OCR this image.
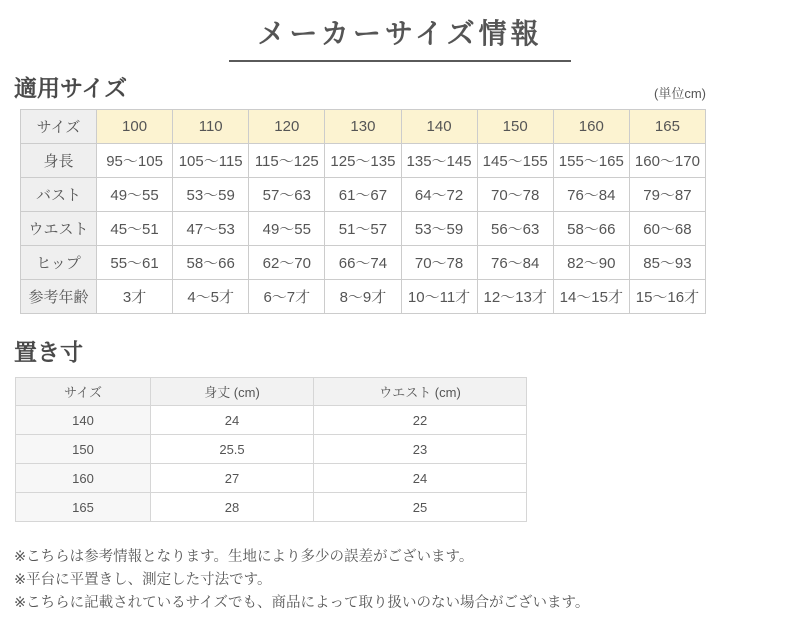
メーカーサイズ情報
適用サイズ	(単位cm)
サイズ	100	110	120	130	140	150	160	165
身長	95～105	105～115	115～125	125～135	135～145	145～155	155～165	160～170
バスト	49～55	53～59	57～63	61～67	64～72	70～78	76～84	79～87
ウエスト	45～51	47～53	49～55	51～57	53～59	56～63	58～66	60～68
ヒップ	55～61	58～66	62～70	66～74	70～78	76～84	82～90	85～93
参考年齢	3才	4～5才	6～7才	8～9才	10～11才	12～13才	14～15才	15～16才
置き寸
サイズ	身丈 (cm)	ウエスト (cm)
140	24	22
150	25.5	23
160	27	24
165	28	25
※こちらは参考情報となります。生地により多少の誤差がございます。
※平台に平置きし、測定した寸法です。
※こちらに記載されているサイズでも、商品によって取り扱いのない場合がございます。
